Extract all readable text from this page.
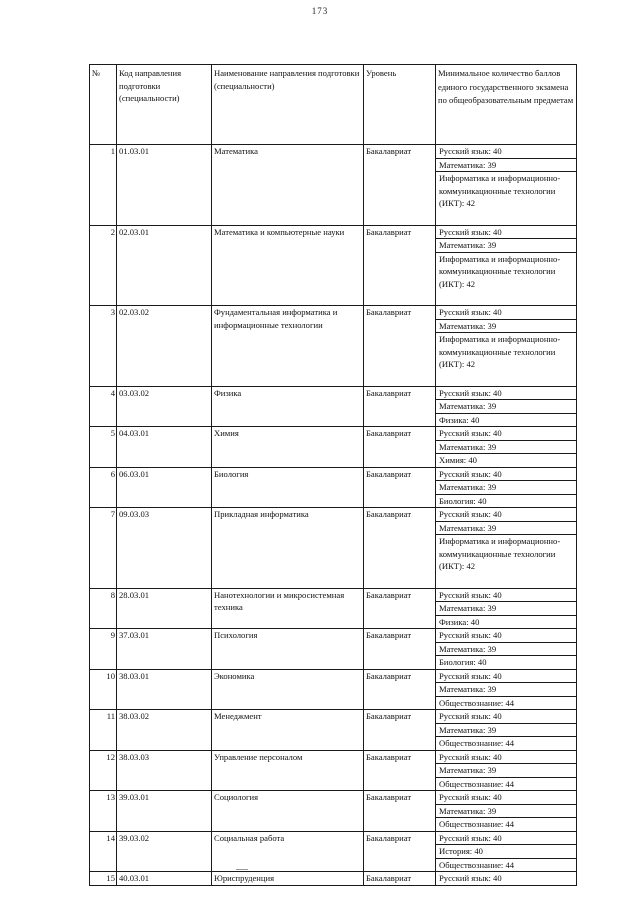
173
№	Код направления подготовки (специальности)	Наименование направления подготовки (специальности)	Уровень	Минимальное количество баллов единого государственного экзамена по общеобразовательным предметам
1	01.03.01	Математика	Бакалавриат	Русский язык: 40
				Математика: 39
				Информатика и информационно-коммуникационные технологии (ИКТ): 42
2	02.03.01	Математика и компьютерные науки	Бакалавриат	Русский язык: 40
				Математика: 39
				Информатика и информационно-коммуникационные технологии (ИКТ): 42
3	02.03.02	Фундаментальная информатика и информационные технологии	Бакалавриат	Русский язык: 40
				Математика: 39
				Информатика и информационно-коммуникационные технологии (ИКТ): 42
4	03.03.02	Физика	Бакалавриат	Русский язык: 40
				Математика: 39
				Физика: 40
5	04.03.01	Химия	Бакалавриат	Русский язык: 40
				Математика: 39
				Химия: 40
6	06.03.01	Биология	Бакалавриат	Русский язык: 40
				Математика: 39
				Биология: 40
7	09.03.03	Прикладная информатика	Бакалавриат	Русский язык: 40
				Математика: 39
				Информатика и информационно-коммуникационные технологии (ИКТ): 42
8	28.03.01	Нанотехнологии и микросистемная техника	Бакалавриат	Русский язык: 40
				Математика: 39
				Физика: 40
9	37.03.01	Психология	Бакалавриат	Русский язык: 40
				Математика: 39
				Биология: 40
10	38.03.01	Экономика	Бакалавриат	Русский язык: 40
				Математика: 39
				Обществознание: 44
11	38.03.02	Менеджмент	Бакалавриат	Русский язык: 40
				Математика: 39
				Обществознание: 44
12	38.03.03	Управление персоналом	Бакалавриат	Русский язык: 40
				Математика: 39
				Обществознание: 44
13	39.03.01	Социология	Бакалавриат	Русский язык: 40
				Математика: 39
				Обществознание: 44
14	39.03.02	Социальная работа	Бакалавриат	Русский язык: 40
				История: 40
				Обществознание: 44
15	40.03.01	Юриспруденция	Бакалавриат	Русский язык: 40
